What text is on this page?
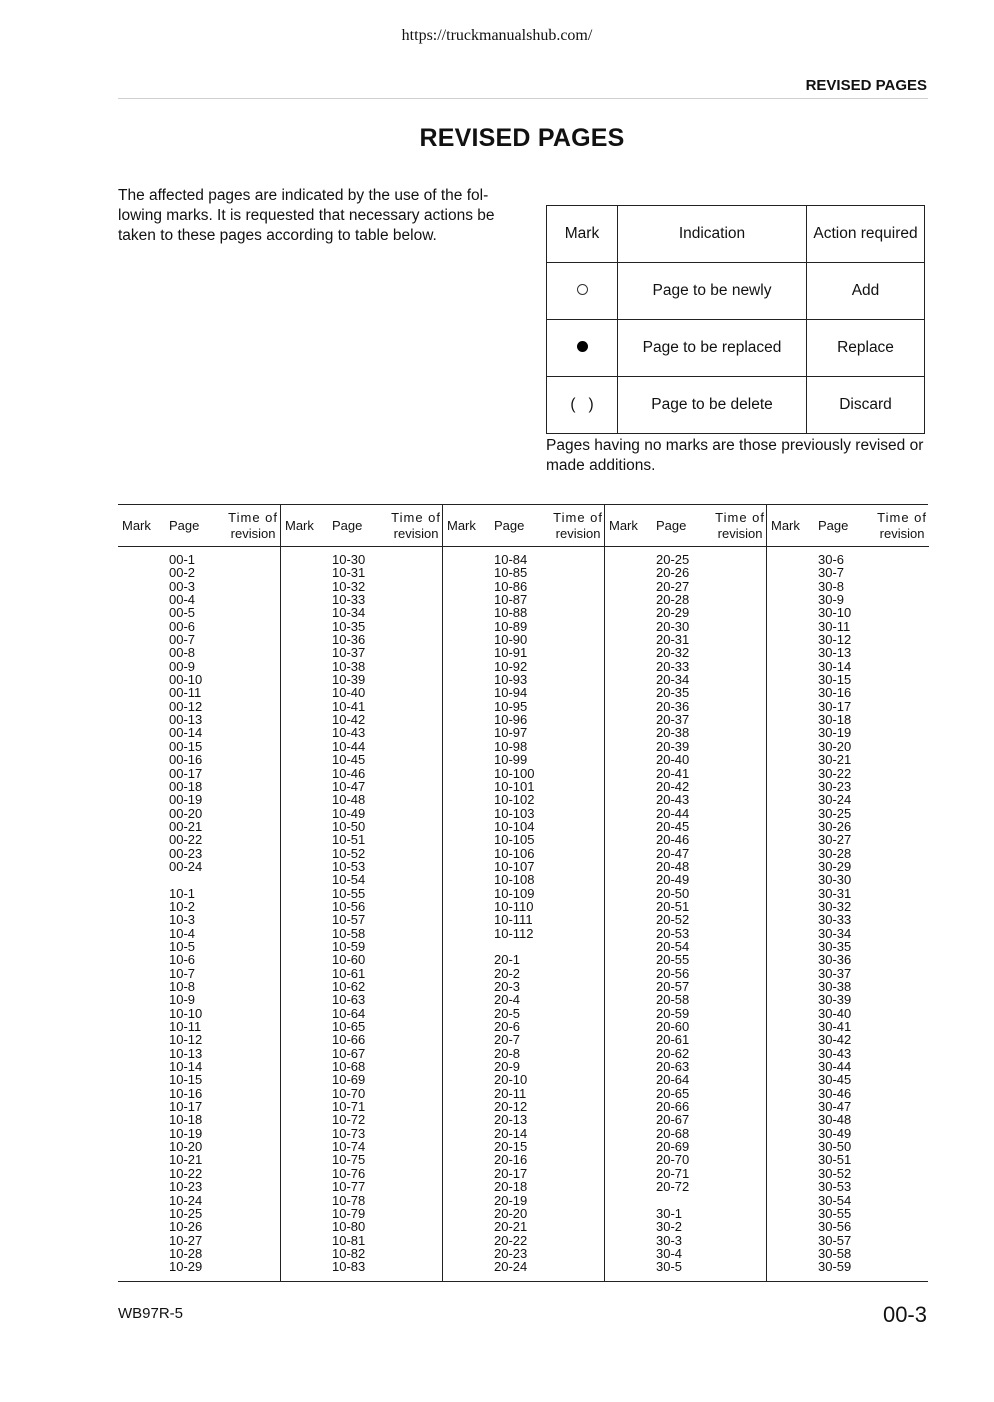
https://truckmanualshub.com/
REVISED PAGES
REVISED PAGES
The affected pages are indicated by the use of the fol-lowing marks. It is requested that necessary actions be taken to these pages according to table below.	Mark	Indication	Action required
	Page to be newly	Add
	Page to be replaced	Replace
(   )	Page to be delete	Discard
Pages having no marks are those previously revised or made additions.
Mark Page
Time of
revision
00-1
00-2
00-3
00-4
00-5
00-6
00-7
00-8
00-9
00-10
00-11
00-12
00-13
00-14
00-15
00-16
00-17
00-18
00-19
00-20
00-21
00-22
00-23
00-24

10-1
10-2
10-3
10-4
10-5
10-6
10-7
10-8
10-9
10-10
10-11
10-12
10-13
10-14
10-15
10-16
10-17
10-18
10-19
10-20
10-21
10-22
10-23
10-24
10-25
10-26
10-27
10-28
10-29
Mark Page
Time of
revision
10-30
10-31
10-32
10-33
10-34
10-35
10-36
10-37
10-38
10-39
10-40
10-41
10-42
10-43
10-44
10-45
10-46
10-47
10-48
10-49
10-50
10-51
10-52
10-53
10-54
10-55
10-56
10-57
10-58
10-59
10-60
10-61
10-62
10-63
10-64
10-65
10-66
10-67
10-68
10-69
10-70
10-71
10-72
10-73
10-74
10-75
10-76
10-77
10-78
10-79
10-80
10-81
10-82
10-83
Mark Page
Time of
revision
10-84
10-85
10-86
10-87
10-88
10-89
10-90
10-91
10-92
10-93
10-94
10-95
10-96
10-97
10-98
10-99
10-100
10-101
10-102
10-103
10-104
10-105
10-106
10-107
10-108
10-109
10-110
10-111
10-112

20-1
20-2
20-3
20-4
20-5
20-6
20-7
20-8
20-9
20-10
20-11
20-12
20-13
20-14
20-15
20-16
20-17
20-18
20-19
20-20
20-21
20-22
20-23
20-24
Mark Page
Time of
revision
20-25
20-26
20-27
20-28
20-29
20-30
20-31
20-32
20-33
20-34
20-35
20-36
20-37
20-38
20-39
20-40
20-41
20-42
20-43
20-44
20-45
20-46
20-47
20-48
20-49
20-50
20-51
20-52
20-53
20-54
20-55
20-56
20-57
20-58
20-59
20-60
20-61
20-62
20-63
20-64
20-65
20-66
20-67
20-68
20-69
20-70
20-71
20-72

30-1
30-2
30-3
30-4
30-5
Mark Page
Time of
revision
30-6
30-7
30-8
30-9
30-10
30-11
30-12
30-13
30-14
30-15
30-16
30-17
30-18
30-19
30-20
30-21
30-22
30-23
30-24
30-25
30-26
30-27
30-28
30-29
30-30
30-31
30-32
30-33
30-34
30-35
30-36
30-37
30-38
30-39
30-40
30-41
30-42
30-43
30-44
30-45
30-46
30-47
30-48
30-49
30-50
30-51
30-52
30-53
30-54
30-55
30-56
30-57
30-58
30-59
WB97R-5	00-3
